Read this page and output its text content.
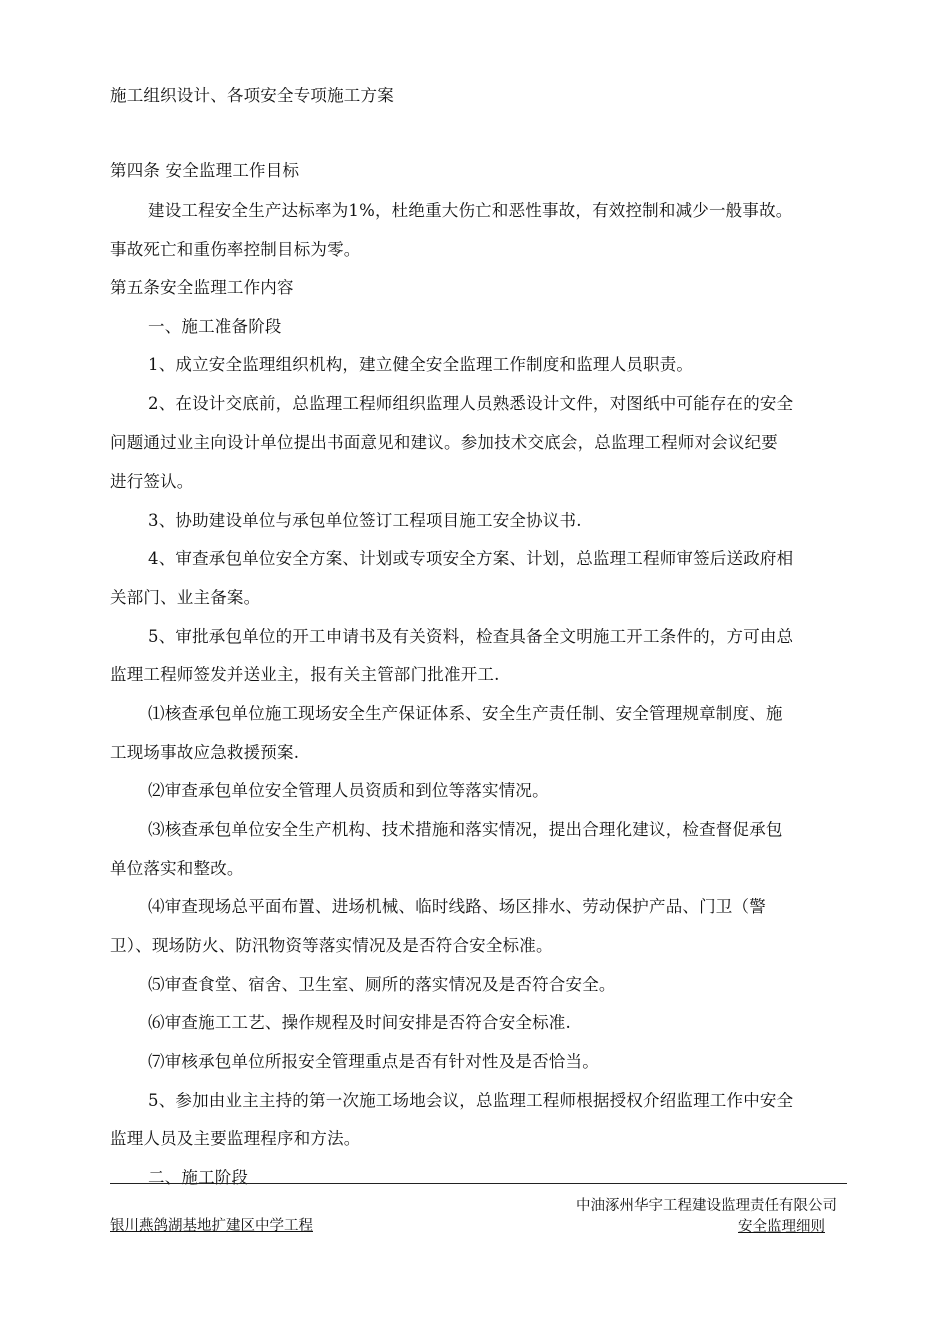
施工组织设计、各项安全专项施工方案
第四条 安全监理工作目标
建设工程安全生产达标率为1%，杜绝重大伤亡和恶性事故，有效控制和减少一般事故。
事故死亡和重伤率控制目标为零。
第五条安全监理工作内容
一、施工准备阶段
1、成立安全监理组织机构，建立健全安全监理工作制度和监理人员职责。
2、在设计交底前，总监理工程师组织监理人员熟悉设计文件，对图纸中可能存在的安全
问题通过业主向设计单位提出书面意见和建议。参加技术交底会，总监理工程师对会议纪要
进行签认。
3、协助建设单位与承包单位签订工程项目施工安全协议书.
4、审查承包单位安全方案、计划或专项安全方案、计划，总监理工程师审签后送政府相
关部门、业主备案。
5、审批承包单位的开工申请书及有关资料，检查具备全文明施工开工条件的，方可由总
监理工程师签发并送业主，报有关主管部门批准开工.
⑴核查承包单位施工现场安全生产保证体系、安全生产责任制、安全管理规章制度、施
工现场事故应急救援预案.
⑵审查承包单位安全管理人员资质和到位等落实情况。
⑶核查承包单位安全生产机构、技术措施和落实情况，提出合理化建议，检查督促承包
单位落实和整改。
⑷审查现场总平面布置、进场机械、临时线路、场区排水、劳动保护产品、门卫（警
卫）、现场防火、防汛物资等落实情况及是否符合安全标准。
⑸审查食堂、宿舍、卫生室、厕所的落实情况及是否符合安全。
⑹审查施工工艺、操作规程及时间安排是否符合安全标准.
⑺审核承包单位所报安全管理重点是否有针对性及是否恰当。
5、参加由业主主持的第一次施工场地会议，总监理工程师根据授权介绍监理工作中安全
监理人员及主要监理程序和方法。
二、施工阶段
银川燕鸽湖基地扩建区中学工程
中油涿州华宇工程建设监理责任有限公司
安全监理细则
